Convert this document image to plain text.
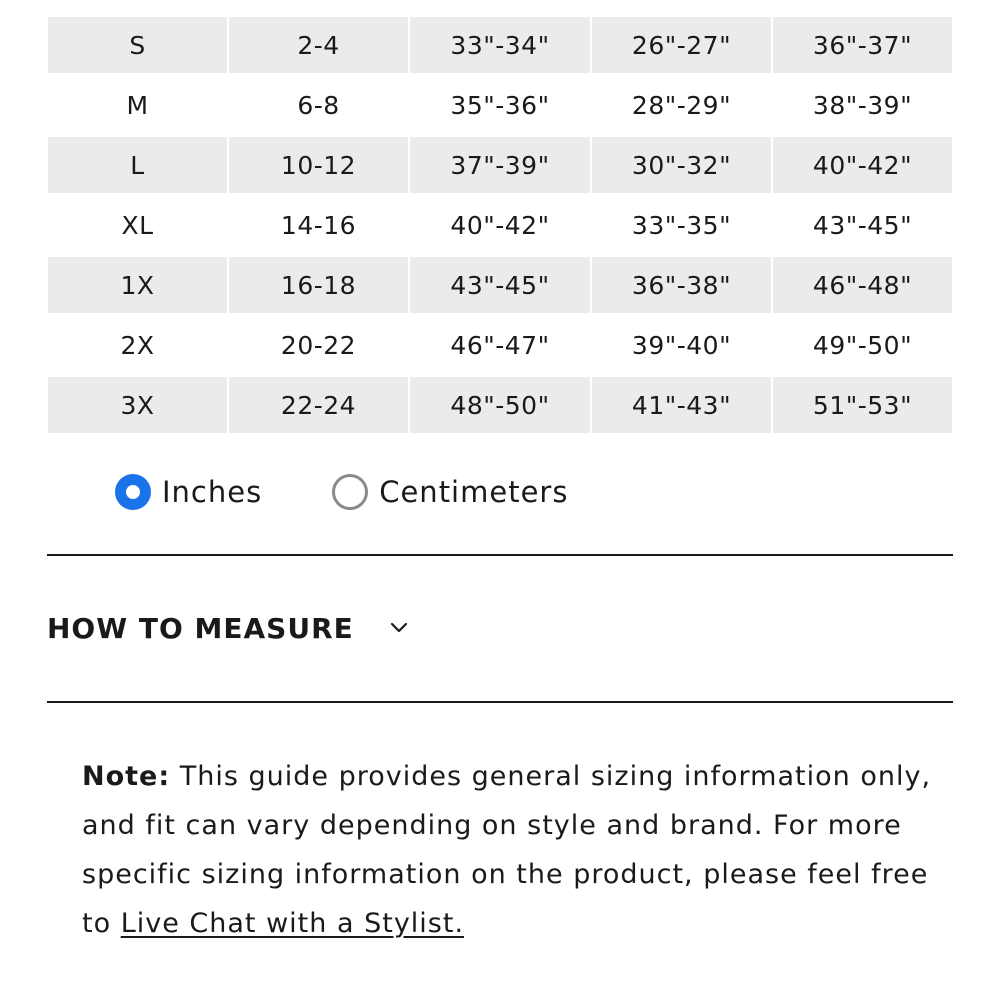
S	2-4	33"-34"	26"-27"	36"-37"
M	6-8	35"-36"	28"-29"	38"-39"
L	10-12	37"-39"	30"-32"	40"-42"
XL	14-16	40"-42"	33"-35"	43"-45"
1X	16-18	43"-45"	36"-38"	46"-48"
2X	20-22	46"-47"	39"-40"	49"-50"
3X	22-24	48"-50"	41"-43"	51"-53"
Inches	Centimeters
HOW TO MEASURE

Note: This guide provides general sizing information only, and fit can vary depending on style and brand. For more specific sizing information on the product, please feel free to Live Chat with a Stylist.
